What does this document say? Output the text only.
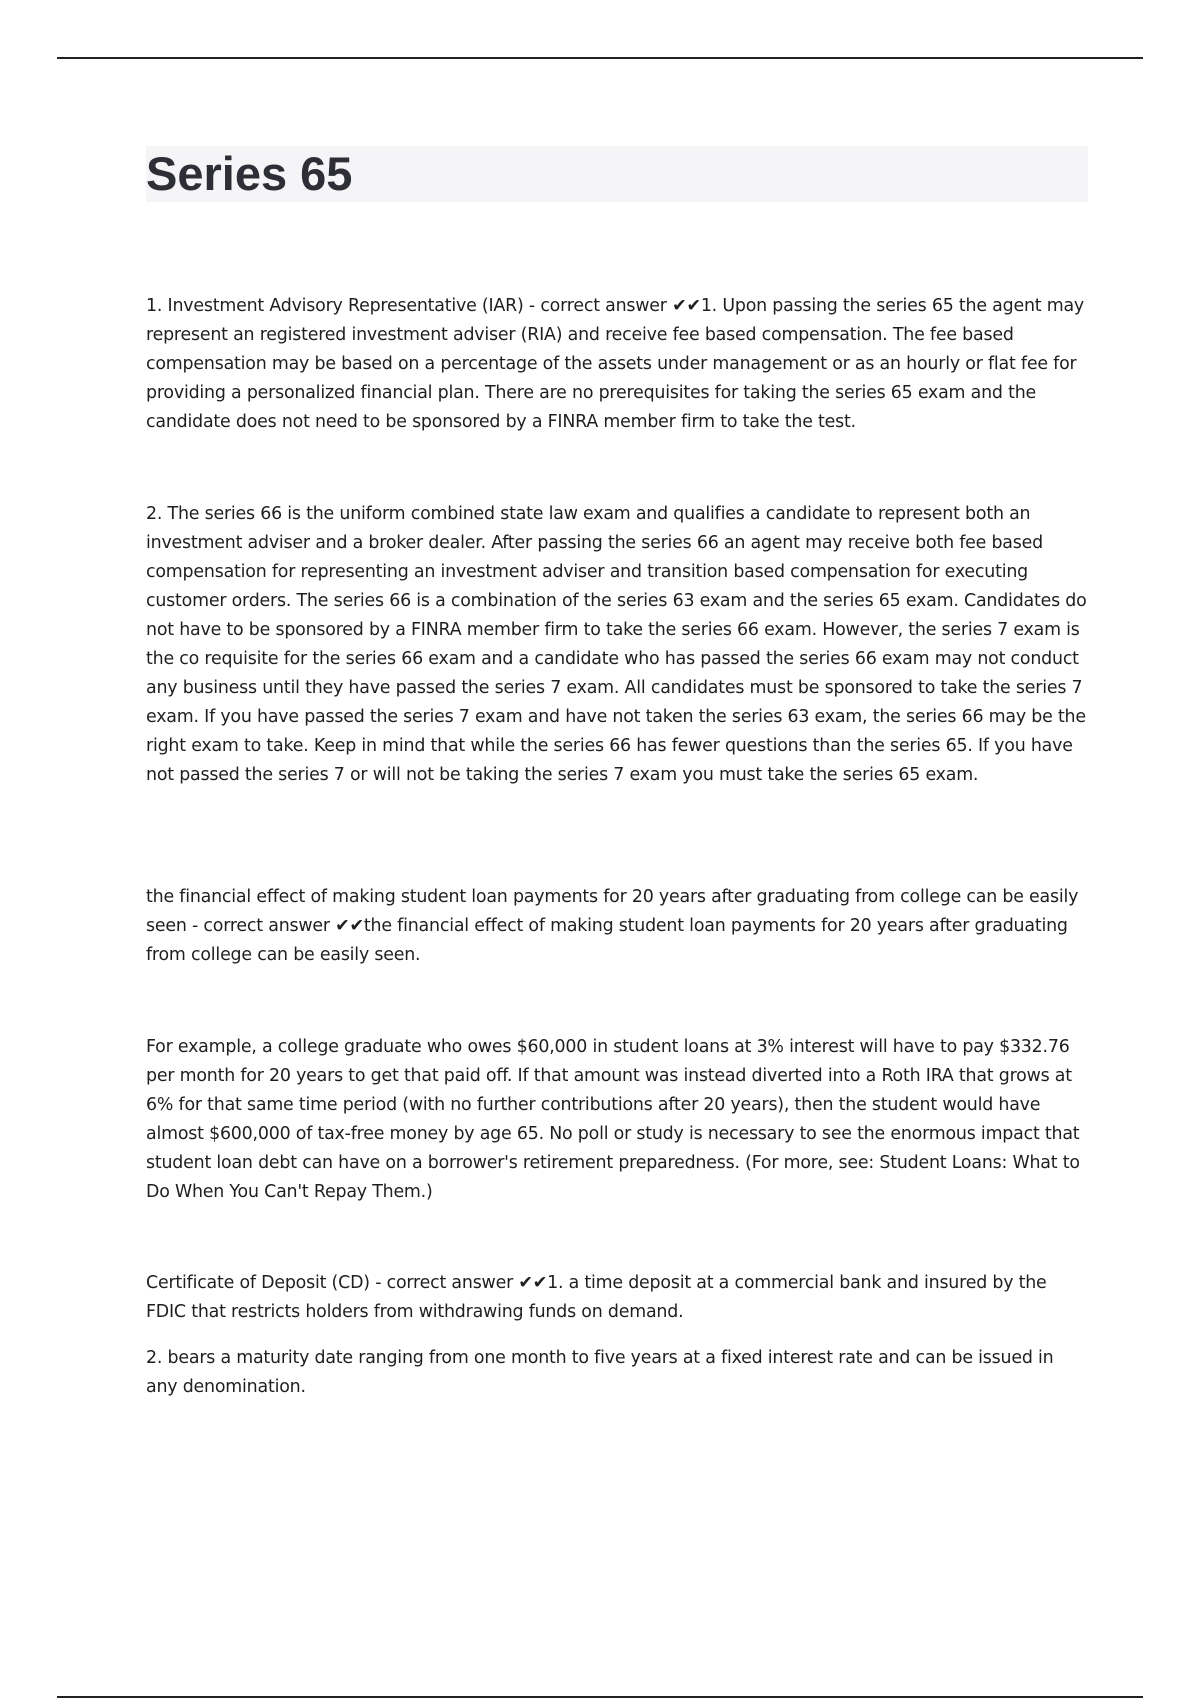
Series 65

1. Investment Advisory Representative (IAR) - correct answer ✔✔1. Upon passing the series 65 the agent may represent an registered investment adviser (RIA) and receive fee based compensation. The fee based compensation may be based on a percentage of the assets under management or as an hourly or flat fee for providing a personalized financial plan. There are no prerequisites for taking the series 65 exam and the candidate does not need to be sponsored by a FINRA member firm to take the test.

2. The series 66 is the uniform combined state law exam and qualifies a candidate to represent both an investment adviser and a broker dealer. After passing the series 66 an agent may receive both fee based compensation for representing an investment adviser and transition based compensation for executing customer orders. The series 66 is a combination of the series 63 exam and the series 65 exam. Candidates do not have to be sponsored by a FINRA member firm to take the series 66 exam. However, the series 7 exam is the co requisite for the series 66 exam and a candidate who has passed the series 66 exam may not conduct any business until they have passed the series 7 exam. All candidates must be sponsored to take the series 7 exam. If you have passed the series 7 exam and have not taken the series 63 exam, the series 66 may be the right exam to take. Keep in mind that while the series 66 has fewer questions than the series 65. If you have not passed the series 7 or will not be taking the series 7 exam you must take the series 65 exam.

the financial effect of making student loan payments for 20 years after graduating from college can be easily seen - correct answer ✔✔the financial effect of making student loan payments for 20 years after graduating from college can be easily seen.

For example, a college graduate who owes $60,000 in student loans at 3% interest will have to pay $332.76 per month for 20 years to get that paid off. If that amount was instead diverted into a Roth IRA that grows at 6% for that same time period (with no further contributions after 20 years), then the student would have almost $600,000 of tax-free money by age 65. No poll or study is necessary to see the enormous impact that student loan debt can have on a borrower's retirement preparedness. (For more, see: Student Loans: What to Do When You Can't Repay Them.)

Certificate of Deposit (CD) - correct answer ✔✔1. a time deposit at a commercial bank and insured by the FDIC that restricts holders from withdrawing funds on demand.

2. bears a maturity date ranging from one month to five years at a fixed interest rate and can be issued in any denomination.
